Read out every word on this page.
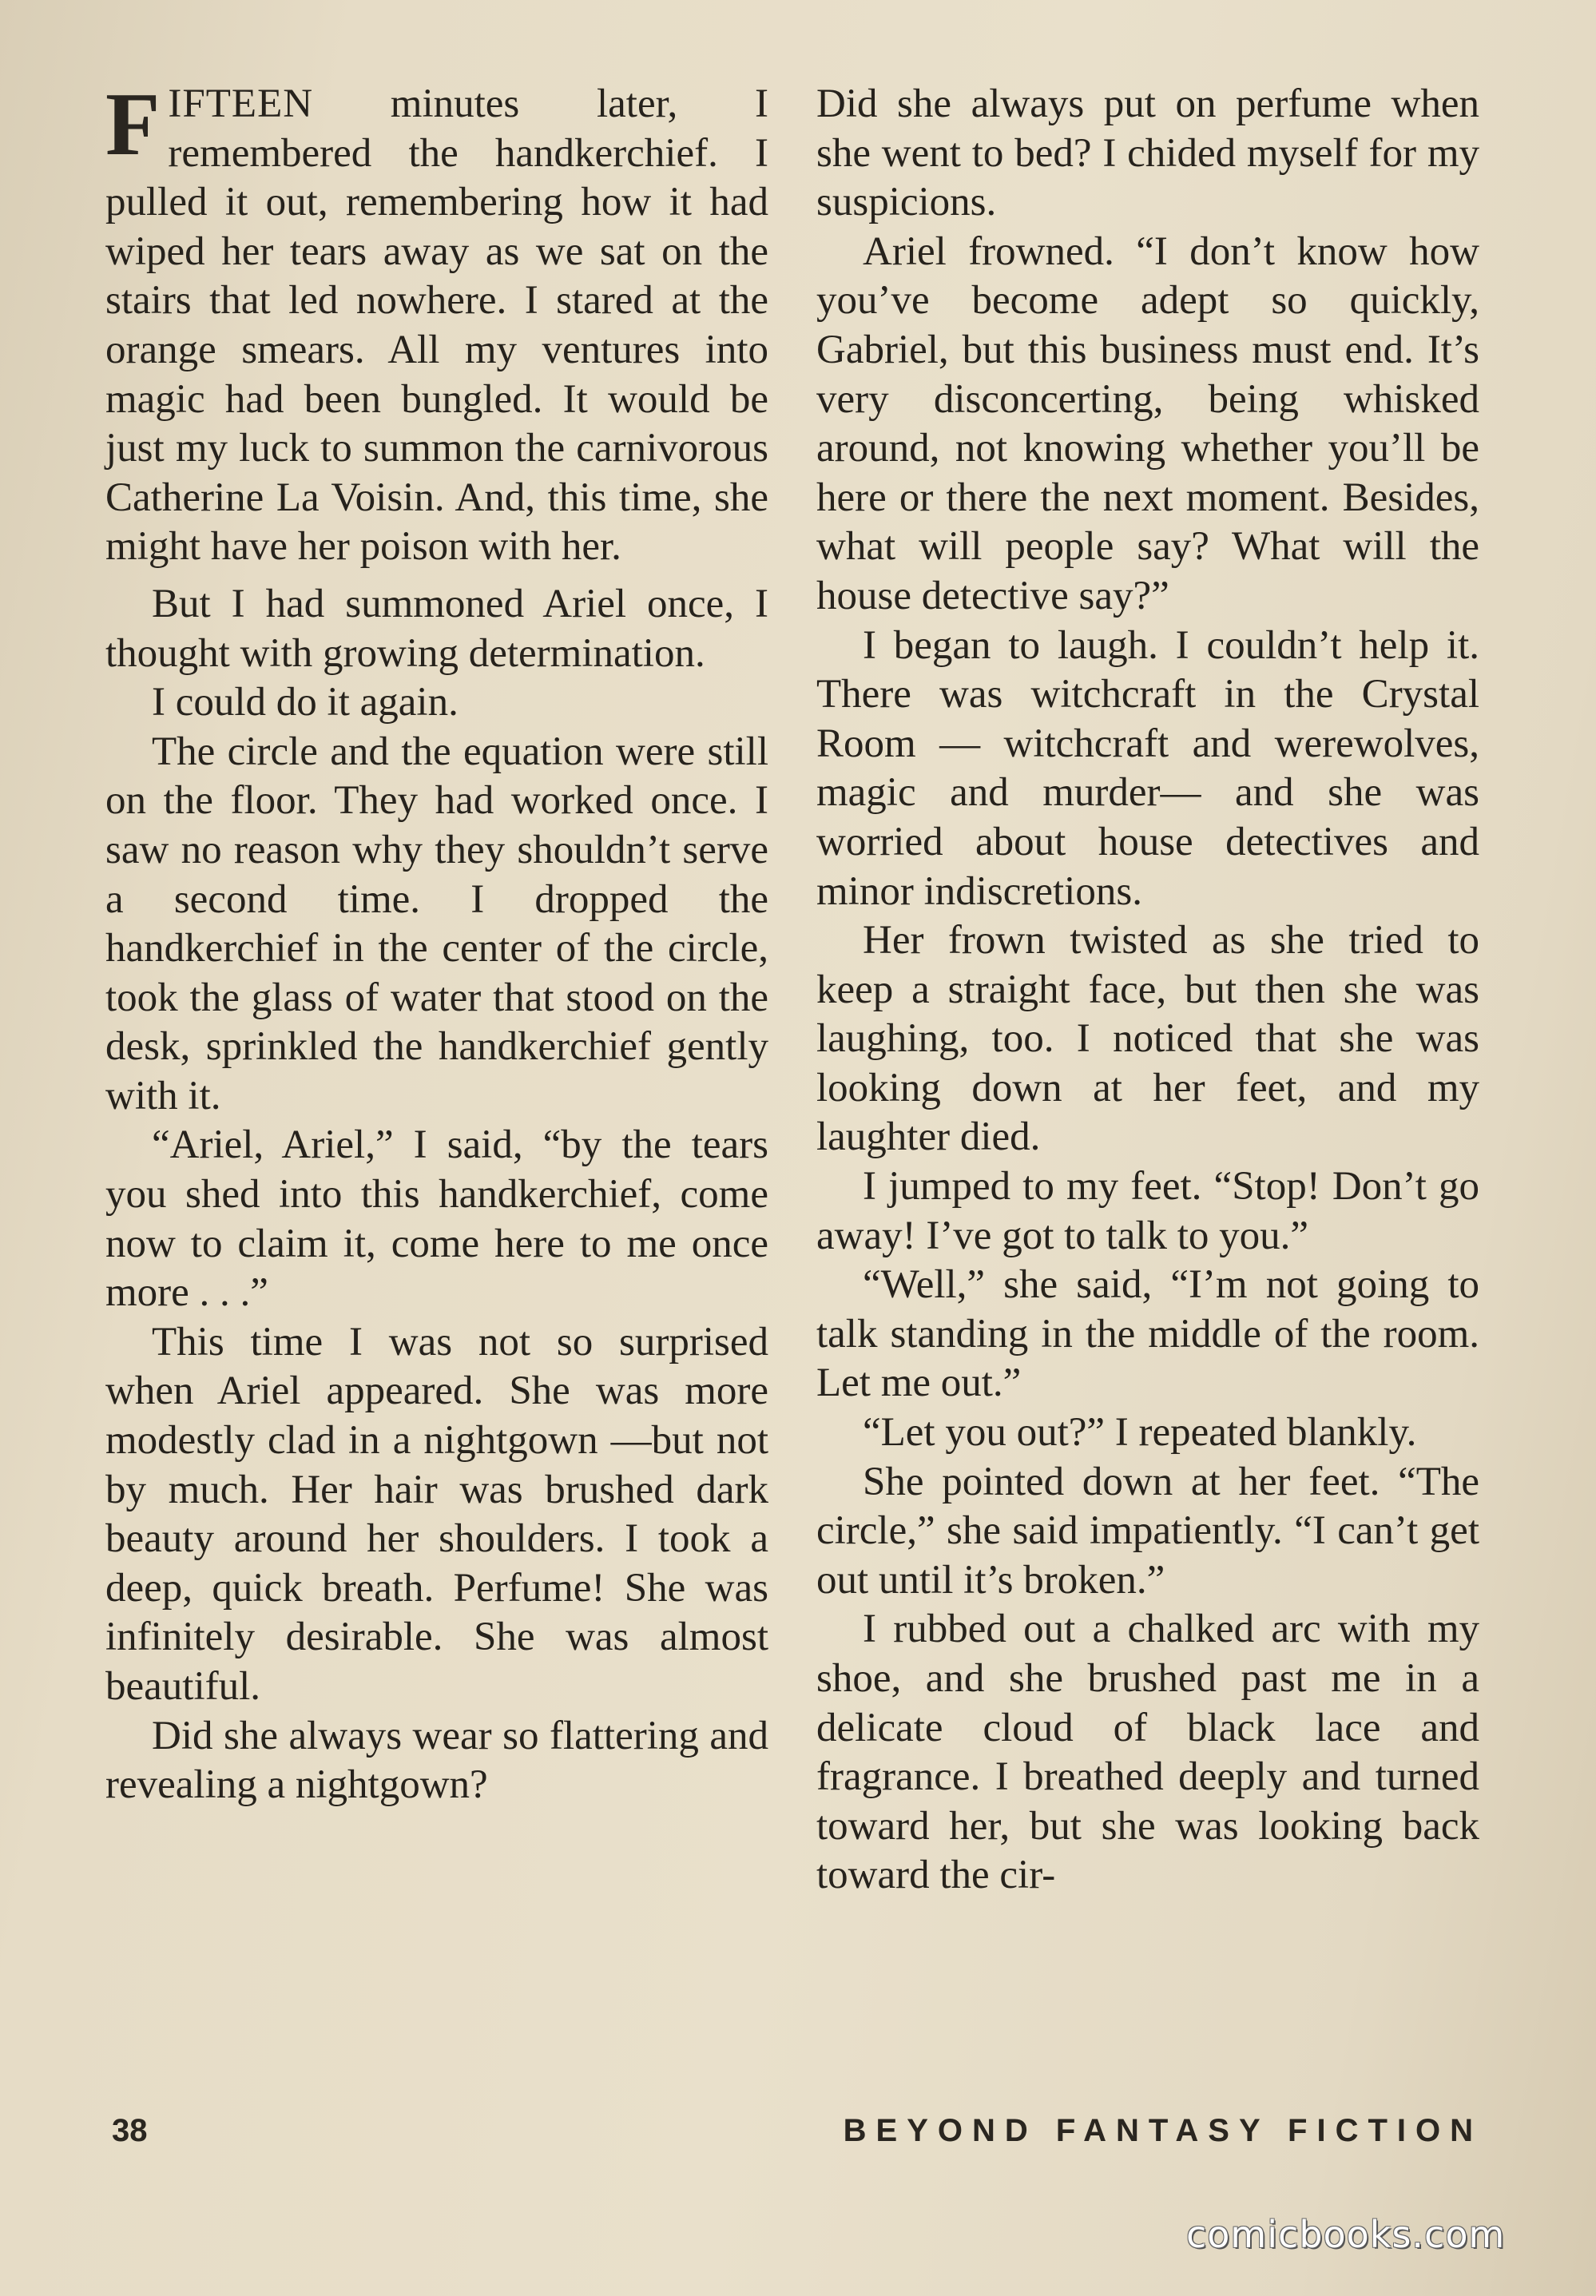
FIFTEEN minutes later, I remembered the handkerchief. I pulled it out, remembering how it had wiped her tears away as we sat on the stairs that led nowhere. I stared at the orange smears. All my ventures into magic had been bungled. It would be just my luck to summon the carnivorous Catherine La Voisin. And, this time, she might have her poison with her.

But I had summoned Ariel once, I thought with growing determination.

I could do it again.

The circle and the equation were still on the floor. They had worked once. I saw no reason why they shouldn’t serve a second time. I dropped the handkerchief in the center of the circle, took the glass of water that stood on the desk, sprinkled the handkerchief gently with it.

“Ariel, Ariel,” I said, “by the tears you shed into this handkerchief, come now to claim it, come here to me once more . . .”

This time I was not so surprised when Ariel appeared. She was more modestly clad in a nightgown —but not by much. Her hair was brushed dark beauty around her shoulders. I took a deep, quick breath. Perfume! She was infinitely desirable. She was almost beautiful.

Did she always wear so flattering and revealing a nightgown?

Did she always put on perfume when she went to bed? I chided myself for my suspicions.

Ariel frowned. “I don’t know how you’ve become adept so quickly, Gabriel, but this business must end. It’s very disconcerting, being whisked around, not knowing whether you’ll be here or there the next moment. Besides, what will people say? What will the house detective say?”

I began to laugh. I couldn’t help it. There was witchcraft in the Crystal Room — witchcraft and werewolves, magic and murder— and she was worried about house detectives and minor indiscretions.

Her frown twisted as she tried to keep a straight face, but then she was laughing, too. I noticed that she was looking down at her feet, and my laughter died.

I jumped to my feet. “Stop! Don’t go away! I’ve got to talk to you.”

“Well,” she said, “I’m not going to talk standing in the middle of the room. Let me out.”

“Let you out?” I repeated blankly.

She pointed down at her feet. “The circle,” she said impatiently. “I can’t get out until it’s broken.”

I rubbed out a chalked arc with my shoe, and she brushed past me in a delicate cloud of black lace and fragrance. I breathed deeply and turned toward her, but she was looking back toward the cir-

38	BEYOND FANTASY FICTION
comicbooks.com
